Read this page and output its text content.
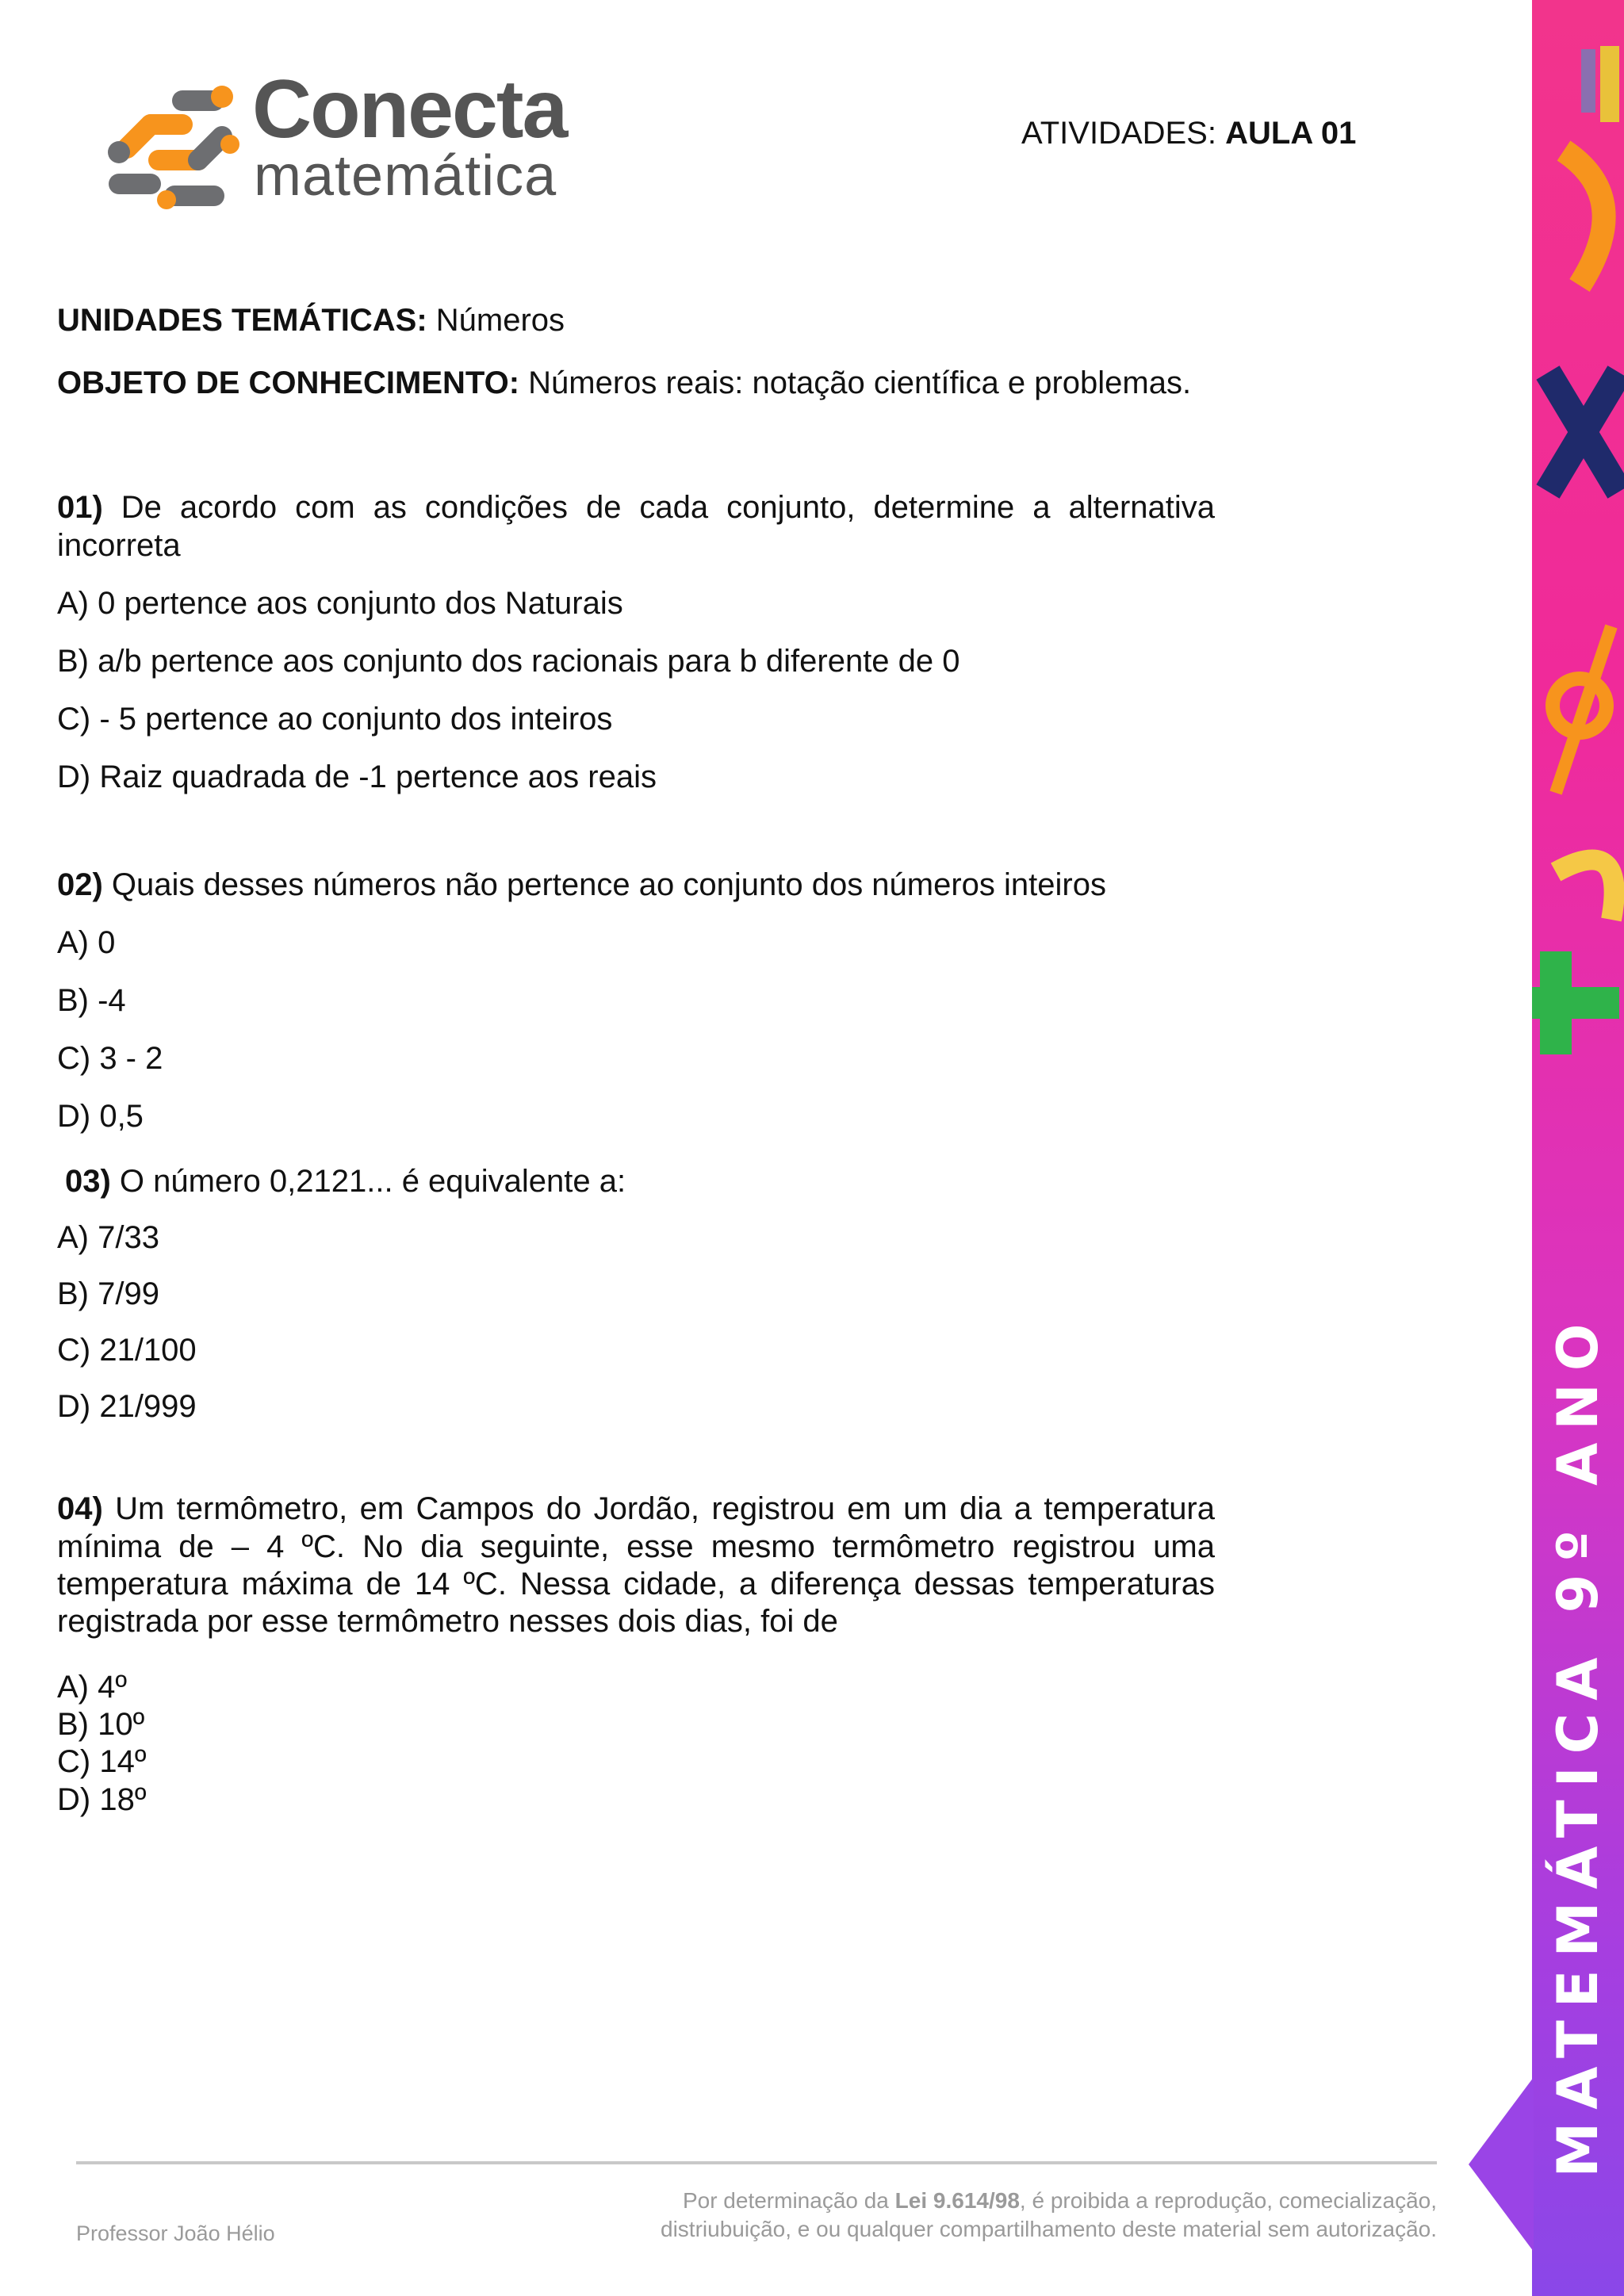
MATEMÁTICA 9º ANO
Conecta
matemática
ATIVIDADES: AULA 01

UNIDADES TEMÁTICAS: Números

OBJETO DE CONHECIMENTO: Números reais: notação científica e problemas.

01) De acordo com as condições de cada conjunto, determine a alternativa incorreta

A) 0 pertence aos conjunto dos Naturais
B) a/b pertence aos conjunto dos racionais para b diferente de 0
C) - 5 pertence ao conjunto dos inteiros
D) Raiz quadrada de -1 pertence aos reais

02) Quais desses números não pertence ao conjunto dos números inteiros

A) 0
B) -4
C) 3 - 2
D) 0,5

03) O número 0,2121... é equivalente a:

A) 7/33
B) 7/99
C) 21/100
D) 21/999

04) Um termômetro, em Campos do Jordão, registrou em um dia a temperatura mínima de – 4 ºC. No dia seguinte, esse mesmo termômetro registrou uma temperatura máxima de 14 ºC. Nessa cidade, a diferença dessas temperaturas registrada por esse termômetro nesses dois dias, foi de

A) 4º
B) 10º
C) 14º
D) 18º
Professor João Hélio
Por determinação da Lei 9.614/98, é proibida a reprodução, comecialização,
distriubuição, e ou qualquer compartilhamento deste material sem autorização.
